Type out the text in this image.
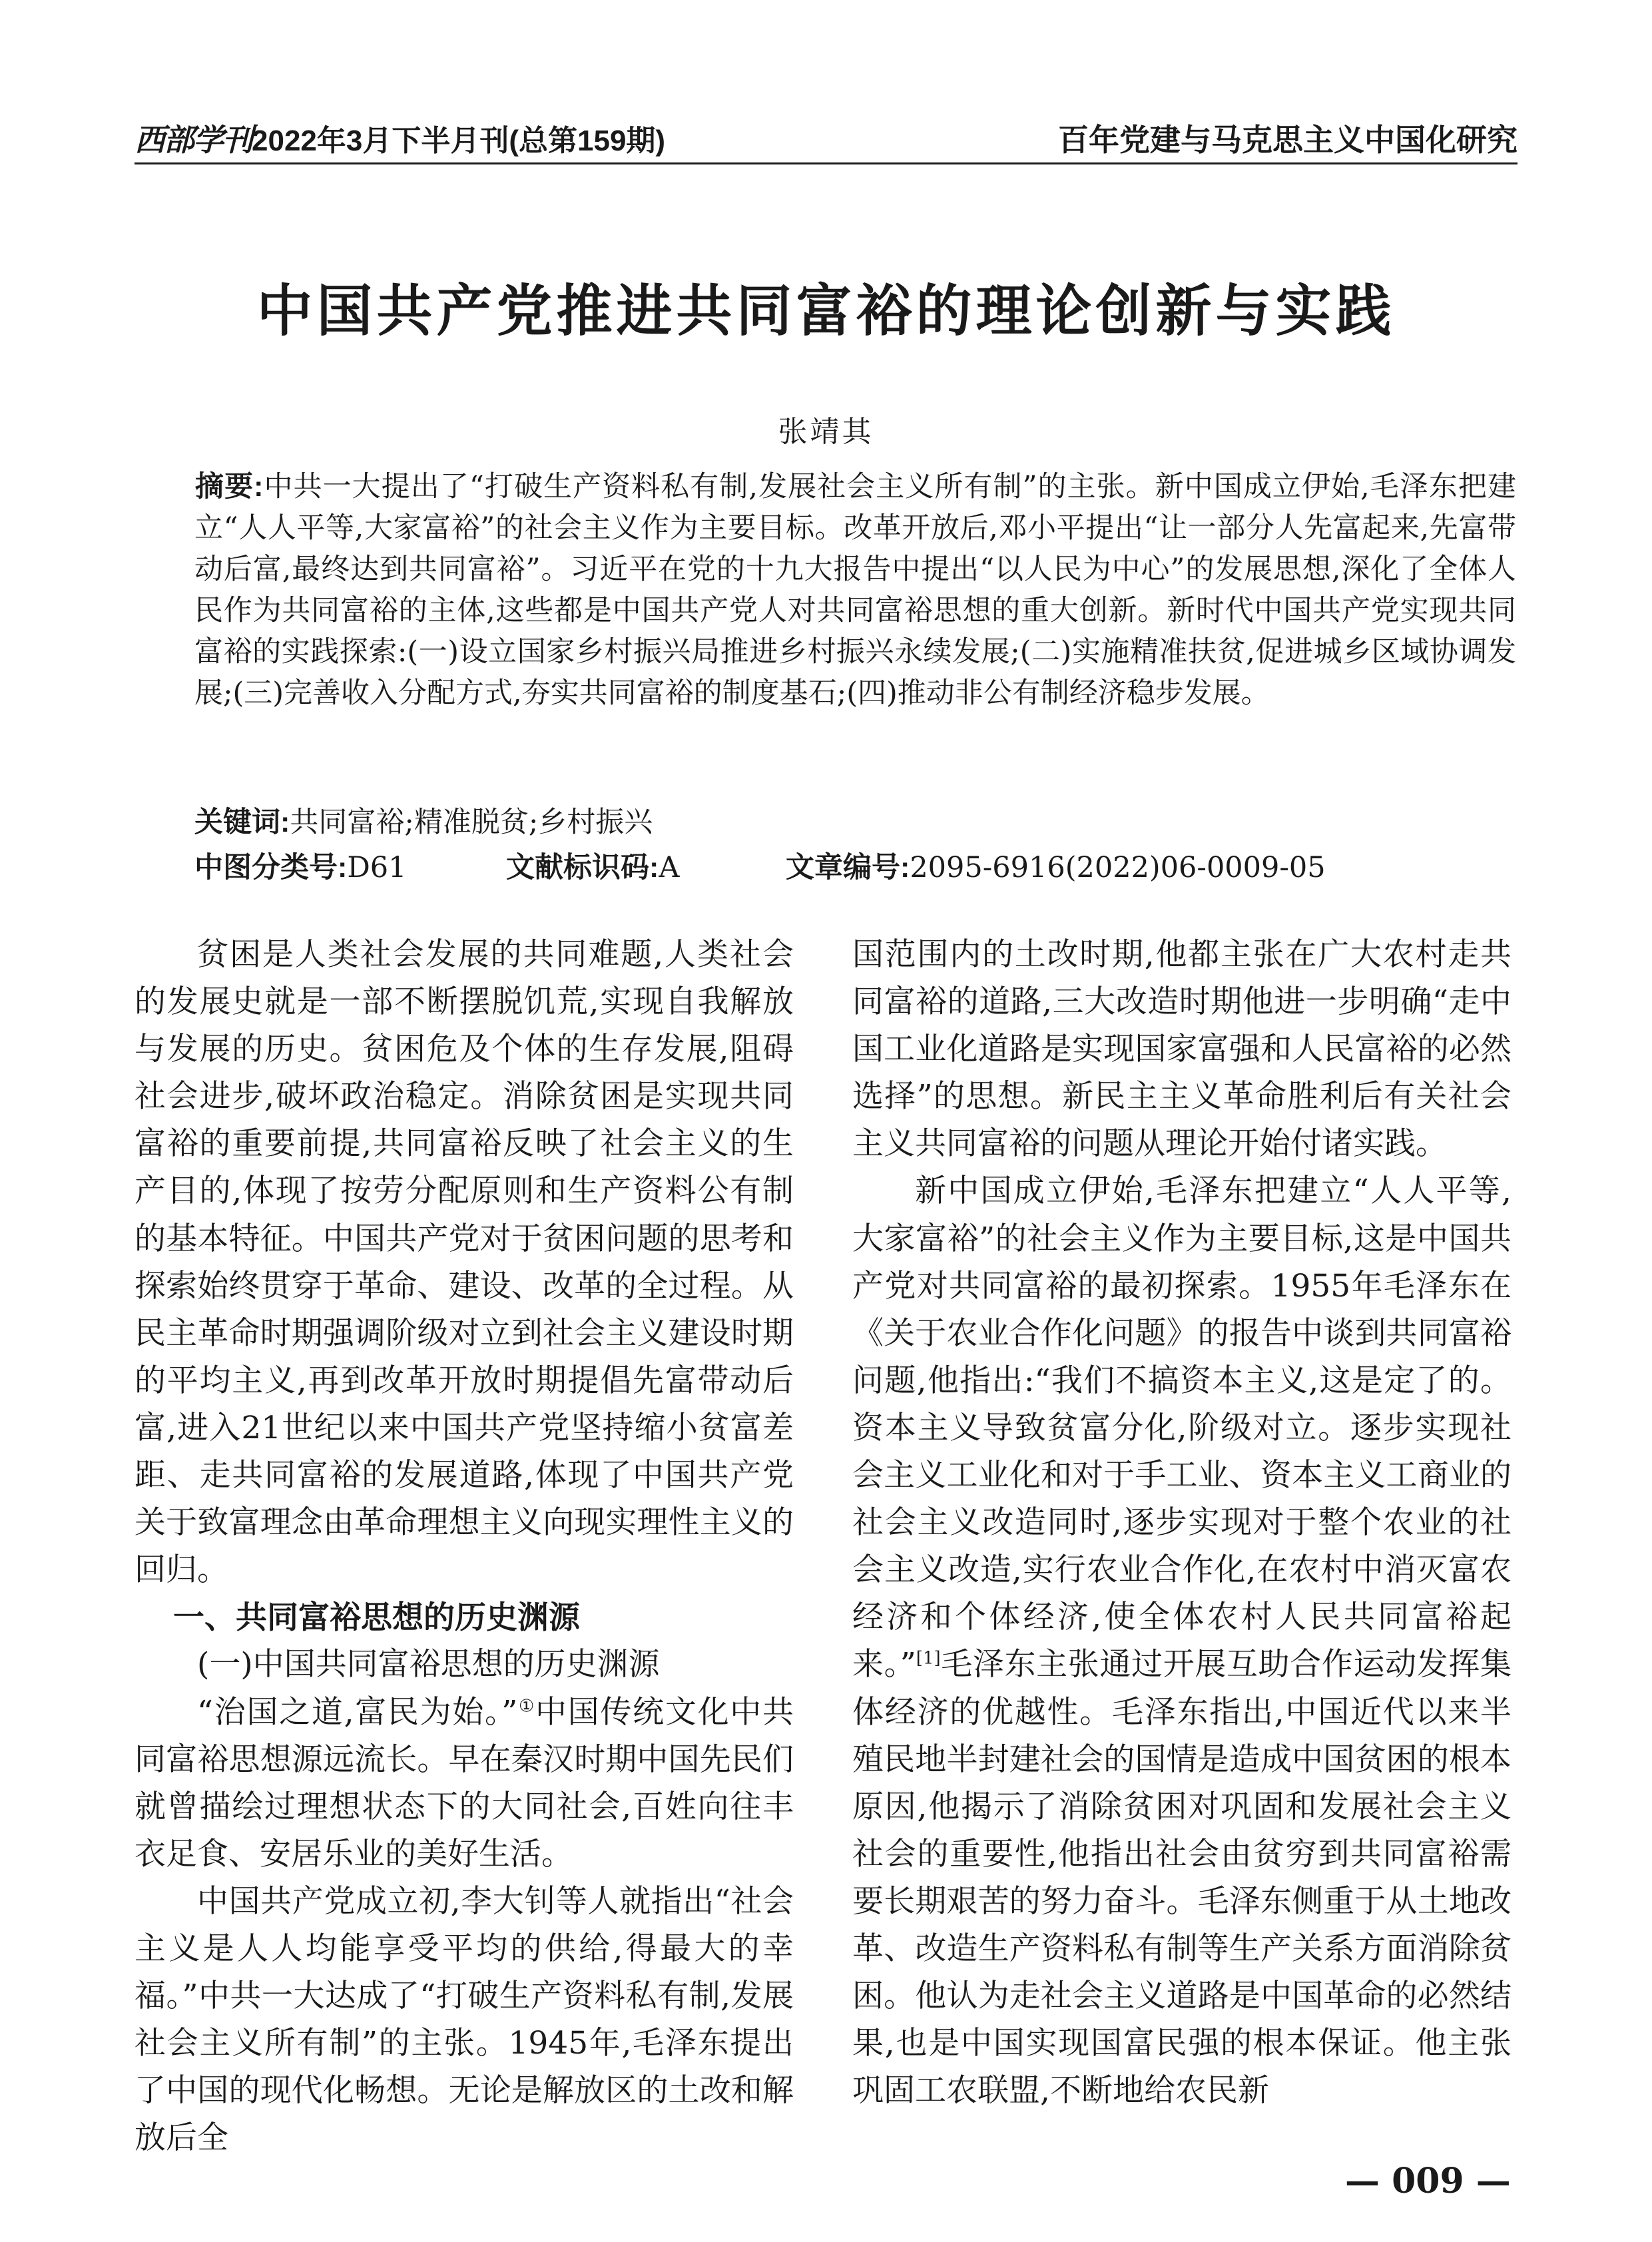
西部学刊2022年3月下半月刊(总第159期)	百年党建与马克思主义中国化研究
中国共产党推进共同富裕的理论创新与实践
张靖其
摘要:中共一大提出了“打破生产资料私有制,发展社会主义所有制”的主张。新中国成立伊始,毛泽东把建立“人人平等,大家富裕”的社会主义作为主要目标。改革开放后,邓小平提出“让一部分人先富起来,先富带动后富,最终达到共同富裕”。习近平在党的十九大报告中提出“以人民为中心”的发展思想,深化了全体人民作为共同富裕的主体,这些都是中国共产党人对共同富裕思想的重大创新。新时代中国共产党实现共同富裕的实践探索:(一)设立国家乡村振兴局推进乡村振兴永续发展;(二)实施精准扶贫,促进城乡区域协调发展;(三)完善收入分配方式,夯实共同富裕的制度基石;(四)推动非公有制经济稳步发展。
关键词:共同富裕;精准脱贫;乡村振兴
中图分类号:D61	文献标识码:A	文章编号:2095-6916(2022)06-0009-05

贫困是人类社会发展的共同难题,人类社会的发展史就是一部不断摆脱饥荒,实现自我解放与发展的历史。贫困危及个体的生存发展,阻碍社会进步,破坏政治稳定。消除贫困是实现共同富裕的重要前提,共同富裕反映了社会主义的生产目的,体现了按劳分配原则和生产资料公有制的基本特征。中国共产党对于贫困问题的思考和探索始终贯穿于革命、建设、改革的全过程。从民主革命时期强调阶级对立到社会主义建设时期的平均主义,再到改革开放时期提倡先富带动后富,进入21世纪以来中国共产党坚持缩小贫富差距、走共同富裕的发展道路,体现了中国共产党关于致富理念由革命理想主义向现实理性主义的回归。

一、共同富裕思想的历史渊源

(一)中国共同富裕思想的历史渊源

“治国之道,富民为始。”①中国传统文化中共同富裕思想源远流长。早在秦汉时期中国先民们就曾描绘过理想状态下的大同社会,百姓向往丰衣足食、安居乐业的美好生活。

中国共产党成立初,李大钊等人就指出“社会主义是人人均能享受平均的供给,得最大的幸福。”中共一大达成了“打破生产资料私有制,发展社会主义所有制”的主张。1945年,毛泽东提出了中国的现代化畅想。无论是解放区的土改和解放后全

国范围内的土改时期,他都主张在广大农村走共同富裕的道路,三大改造时期他进一步明确“走中国工业化道路是实现国家富强和人民富裕的必然选择”的思想。新民主主义革命胜利后有关社会主义共同富裕的问题从理论开始付诸实践。

新中国成立伊始,毛泽东把建立“人人平等,大家富裕”的社会主义作为主要目标,这是中国共产党对共同富裕的最初探索。1955年毛泽东在《关于农业合作化问题》的报告中谈到共同富裕问题,他指出:“我们不搞资本主义,这是定了的。资本主义导致贫富分化,阶级对立。逐步实现社会主义工业化和对于手工业、资本主义工商业的社会主义改造同时,逐步实现对于整个农业的社会主义改造,实行农业合作化,在农村中消灭富农经济和个体经济,使全体农村人民共同富裕起来。”[1]毛泽东主张通过开展互助合作运动发挥集体经济的优越性。毛泽东指出,中国近代以来半殖民地半封建社会的国情是造成中国贫困的根本原因,他揭示了消除贫困对巩固和发展社会主义社会的重要性,他指出社会由贫穷到共同富裕需要长期艰苦的努力奋斗。毛泽东侧重于从土地改革、改造生产资料私有制等生产关系方面消除贫困。他认为走社会主义道路是中国革命的必然结果,也是中国实现国富民强的根本保证。他主张巩固工农联盟,不断地给农民新

— 009 —
